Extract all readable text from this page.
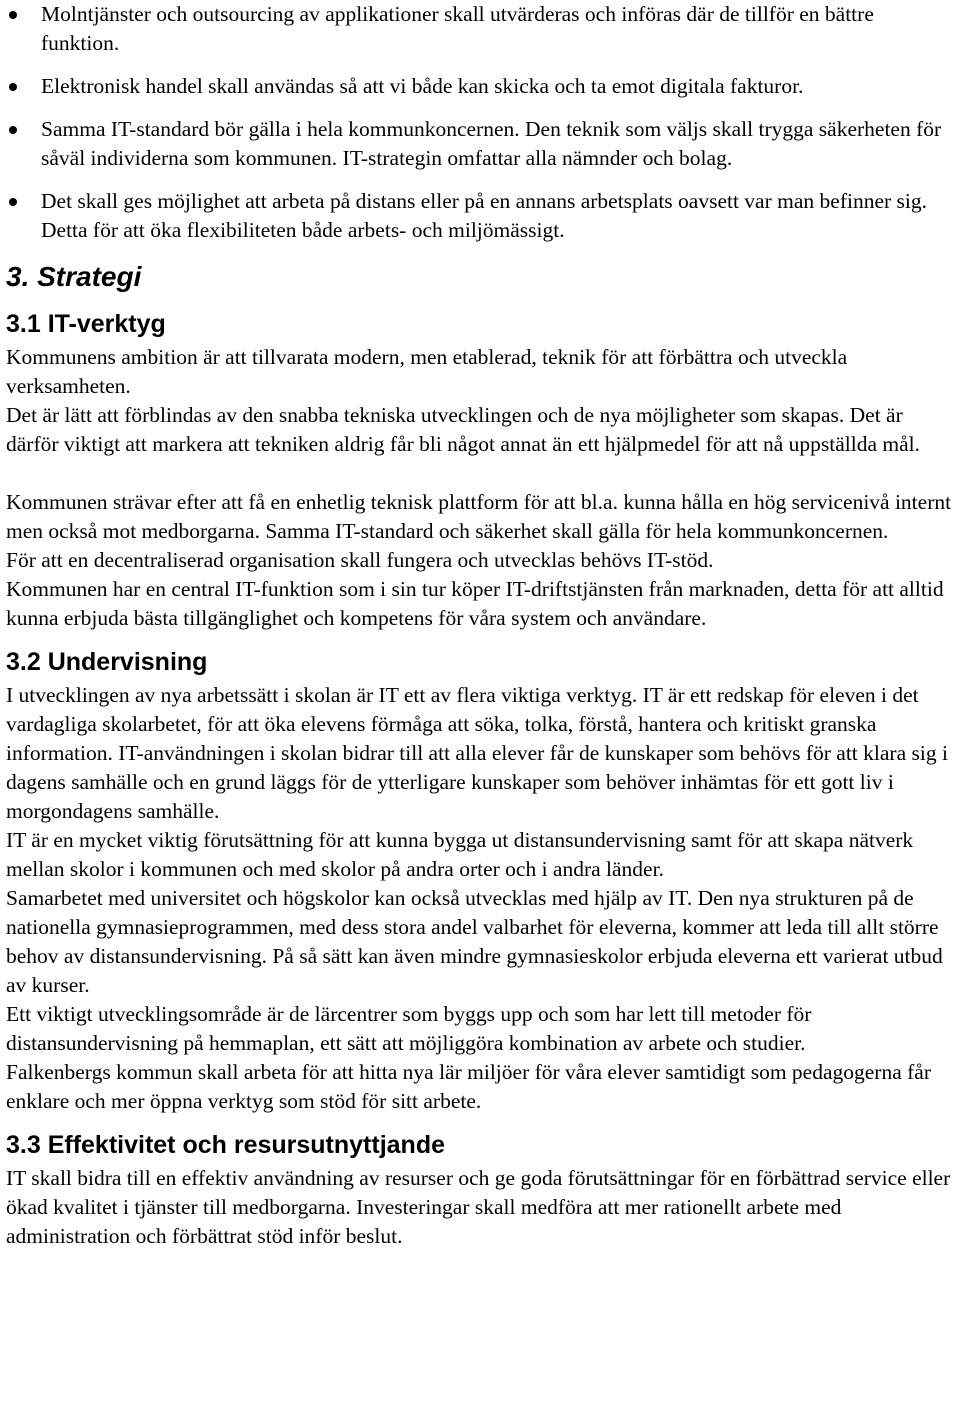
Molntjänster och outsourcing av applikationer skall utvärderas och införas där de tillför en bättre funktion.
Elektronisk handel skall användas så att vi både kan skicka och ta emot digitala fakturor.
Samma IT-standard bör gälla i hela kommunkoncernen. Den teknik som väljs skall trygga säkerheten för såväl individerna som kommunen. IT-strategin omfattar alla nämnder och bolag.
Det skall ges möjlighet att arbeta på distans eller på en annans arbetsplats oavsett var man befinner sig. Detta för att öka flexibiliteten både arbets- och miljömässigt.
3. Strategi
3.1 IT-verktyg

Kommunens ambition är att tillvarata modern, men etablerad, teknik för att förbättra och utveckla verksamheten.

Det är lätt att förblindas av den snabba tekniska utvecklingen och de nya möjligheter som skapas. Det är därför viktigt att markera att tekniken aldrig får bli något annat än ett hjälpmedel för att nå uppställda mål.

Kommunen strävar efter att få en enhetlig teknisk plattform för att bl.a. kunna hålla en hög servicenivå internt men också mot medborgarna. Samma IT-standard och säkerhet skall gälla för hela kommunkoncernen.

För att en decentraliserad organisation skall fungera och utvecklas behövs IT-stöd.

Kommunen har en central IT-funktion som i sin tur köper IT-driftstjänsten från marknaden, detta för att alltid kunna erbjuda bästa tillgänglighet och kompetens för våra system och användare.

3.2 Undervisning

I utvecklingen av nya arbetssätt i skolan är IT ett av flera viktiga verktyg. IT är ett redskap för eleven i det vardagliga skolarbetet, för att öka elevens förmåga att söka, tolka, förstå, hantera och kritiskt granska information. IT-användningen i skolan bidrar till att alla elever får de kunskaper som behövs för att klara sig i dagens samhälle och en grund läggs för de ytterligare kunskaper som behöver inhämtas för ett gott liv i morgondagens samhälle.

IT är en mycket viktig förutsättning för att kunna bygga ut distansundervisning samt för att skapa nätverk mellan skolor i kommunen och med skolor på andra orter och i andra länder.

Samarbetet med universitet och högskolor kan också utvecklas med hjälp av IT. Den nya strukturen på de nationella gymnasieprogrammen, med dess stora andel valbarhet för eleverna, kommer att leda till allt större behov av distansundervisning. På så sätt kan även mindre gymnasieskolor erbjuda eleverna ett varierat utbud av kurser.

Ett viktigt utvecklingsområde är de lärcentrer som byggs upp och som har lett till metoder för distansundervisning på hemmaplan, ett sätt att möjliggöra kombination av arbete och studier.

Falkenbergs kommun skall arbeta för att hitta nya lär miljöer för våra elever samtidigt som pedagogerna får enklare och mer öppna verktyg som stöd för sitt arbete.

3.3 Effektivitet och resursutnyttjande

IT skall bidra till en effektiv användning av resurser och ge goda förutsättningar för en förbättrad service eller ökad kvalitet i tjänster till medborgarna. Investeringar skall medföra att mer rationellt arbete med administration och förbättrat stöd inför beslut.
